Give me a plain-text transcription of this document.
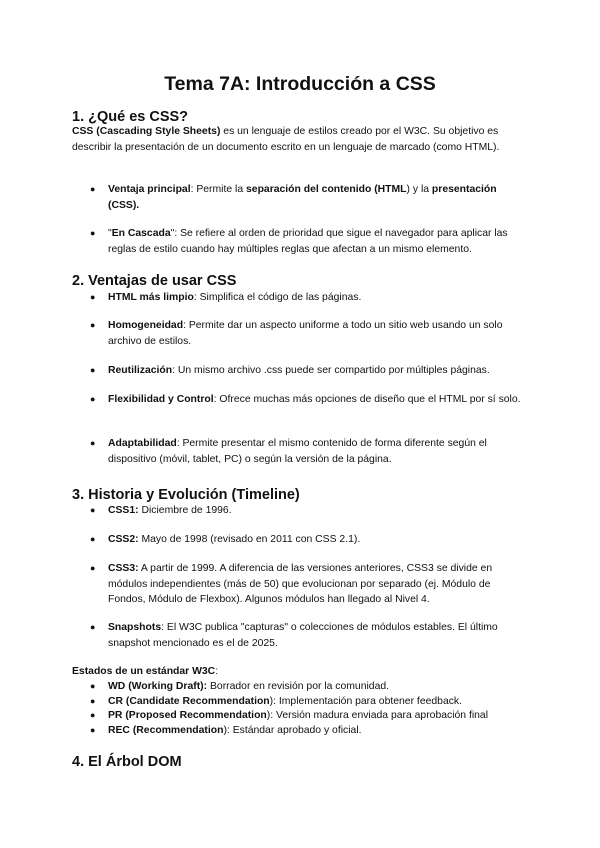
Tema 7A: Introducción a CSS
1. ¿Qué es CSS?

CSS (Cascading Style Sheets) es un lenguaje de estilos creado por el W3C. Su objetivo es describir la presentación de un documento escrito en un lenguaje de marcado (como HTML).

●	Ventaja principal: Permite la separación del contenido (HTML) y la presentación (CSS).
●	"En Cascada": Se refiere al orden de prioridad que sigue el navegador para aplicar las reglas de estilo cuando hay múltiples reglas que afectan a un mismo elemento.
2. Ventajas de usar CSS
●	HTML más limpio: Simplifica el código de las páginas.
●	Homogeneidad: Permite dar un aspecto uniforme a todo un sitio web usando un solo archivo de estilos.
●	Reutilización: Un mismo archivo .css puede ser compartido por múltiples páginas.
●	Flexibilidad y Control: Ofrece muchas más opciones de diseño que el HTML por sí solo.
●	Adaptabilidad: Permite presentar el mismo contenido de forma diferente según el dispositivo (móvil, tablet, PC) o según la versión de la página.
3. Historia y Evolución (Timeline)
●	CSS1: Diciembre de 1996.
●	CSS2: Mayo de 1998 (revisado en 2011 con CSS 2.1).
●	CSS3: A partir de 1999. A diferencia de las versiones anteriores, CSS3 se divide en módulos independientes (más de 50) que evolucionan por separado (ej. Módulo de Fondos, Módulo de Flexbox). Algunos módulos han llegado al Nivel 4.
●	Snapshots: El W3C publica "capturas" o colecciones de módulos estables. El último snapshot mencionado es el de 2025.

Estados de un estándar W3C:

●	WD (Working Draft): Borrador en revisión por la comunidad.
●	CR (Candidate Recommendation): Implementación para obtener feedback.
●	PR (Proposed Recommendation): Versión madura enviada para aprobación final
●	REC (Recommendation): Estándar aprobado y oficial.
4. El Árbol DOM
